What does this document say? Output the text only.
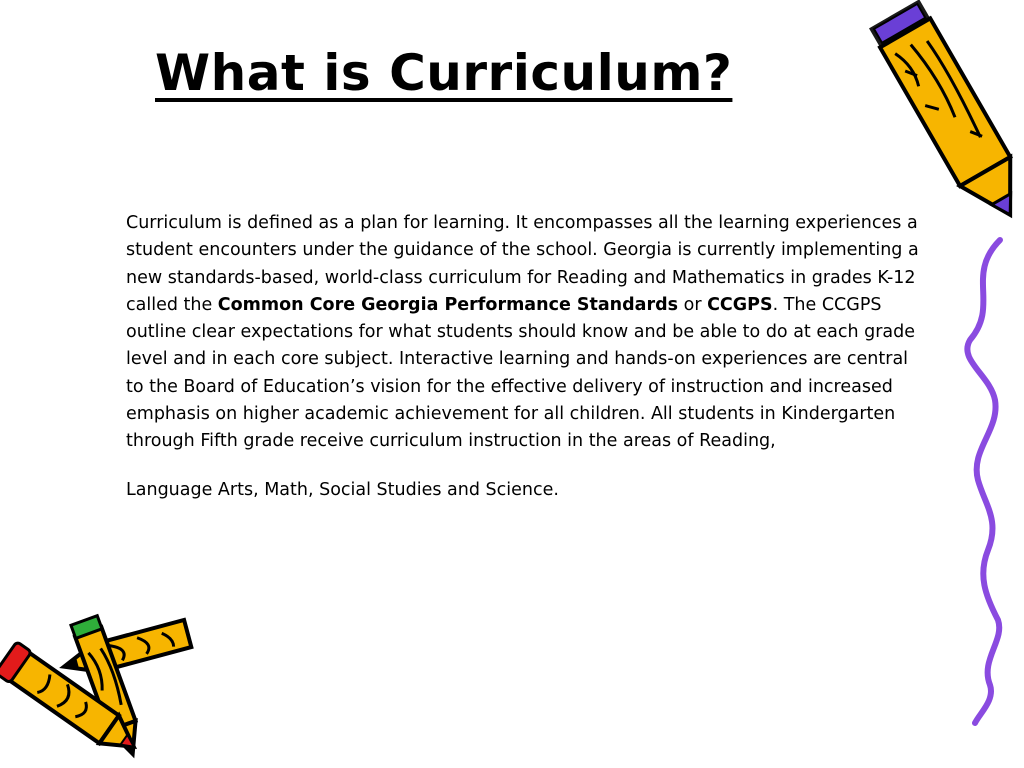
What is Curriculum?

Curriculum is defined as a plan for learning. It encompasses all the learning experiences a student encounters under the guidance of the school. Georgia is currently implementing a new standards-based, world-class curriculum for Reading and Mathematics in grades K-12 called the Common Core Georgia Performance Standards or CCGPS. The CCGPS outline clear expectations for what students should know and be able to do at each grade level and in each core subject. Interactive learning and hands-on experiences are central to the Board of Education’s vision for the effective delivery of instruction and increased emphasis on higher academic achievement for all children. All students in Kindergarten through Fifth grade receive curriculum instruction in the areas of Reading,

Language Arts, Math, Social Studies and Science.
